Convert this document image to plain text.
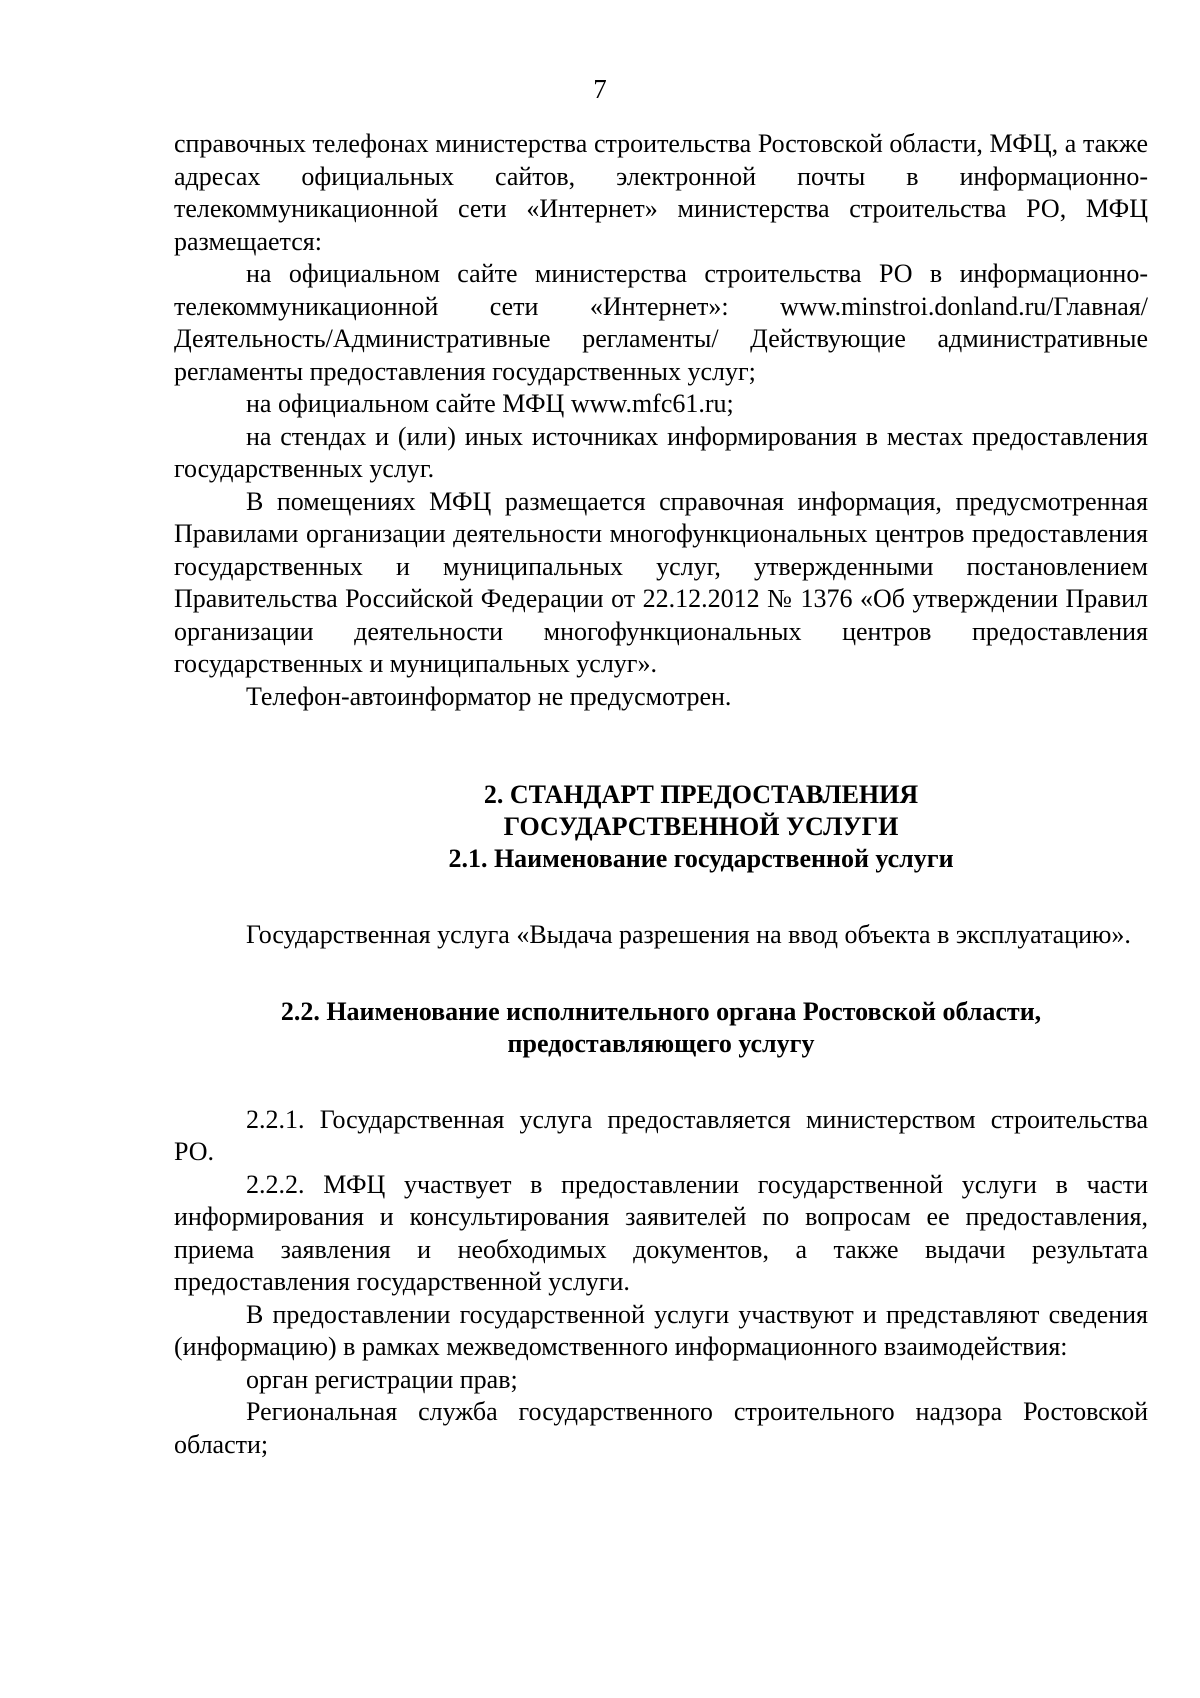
7

справочных телефонах министерства строительства Ростовской области, МФЦ, а также адресах официальных сайтов, электронной почты в информационно-телекоммуникационной сети «Интернет» министерства строительства РО, МФЦ размещается:

на официальном сайте министерства строительства РО в информационно-телекоммуникационной сети «Интернет»: www.minstroi.donland.ru/Главная/Деятельность/Административные регламенты/ Действующие административные регламенты предоставления государственных услуг;

на официальном сайте МФЦ www.mfc61.ru;

на стендах и (или) иных источниках информирования в местах предоставления государственных услуг.

В помещениях МФЦ размещается справочная информация, предусмотренная Правилами организации деятельности многофункциональных центров предоставления государственных и муниципальных услуг, утвержденными постановлением Правительства Российской Федерации от 22.12.2012 № 1376 «Об утверждении Правил организации деятельности многофункциональных центров предоставления государственных и муниципальных услуг».

Телефон-автоинформатор не предусмотрен.

2. СТАНДАРТ ПРЕДОСТАВЛЕНИЯ

ГОСУДАРСТВЕННОЙ УСЛУГИ

2.1. Наименование государственной услуги

Государственная услуга «Выдача разрешения на ввод объекта в эксплуатацию».

2.2. Наименование исполнительного органа Ростовской области,

предоставляющего услугу

2.2.1. Государственная услуга предоставляется министерством строительства РО.

2.2.2. МФЦ участвует в предоставлении государственной услуги в части информирования и консультирования заявителей по вопросам ее предоставления, приема заявления и необходимых документов, а также выдачи результата предоставления государственной услуги.

В предоставлении государственной услуги участвуют и представляют сведения (информацию) в рамках межведомственного информационного взаимодействия:

орган регистрации прав;

Региональная служба государственного строительного надзора Ростовской области;
